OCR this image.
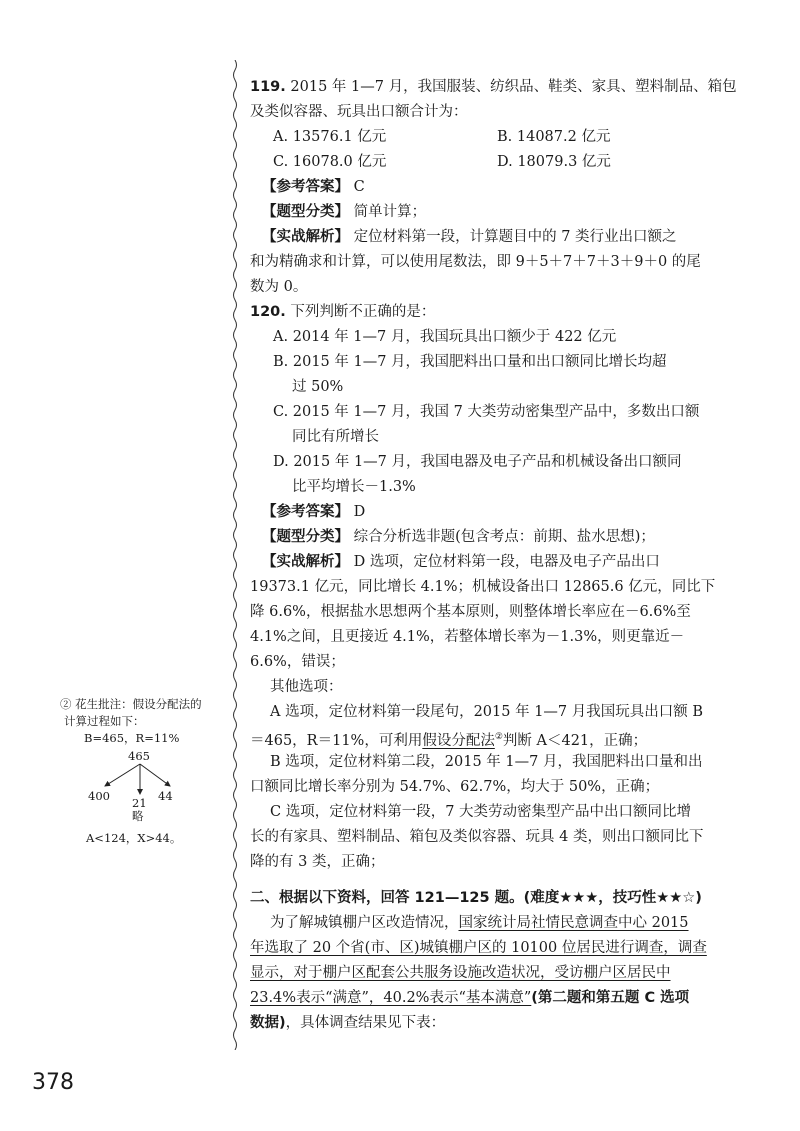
119. 2015 年 1—7 月，我国服装、纺织品、鞋类、家具、塑料制品、箱包
及类似容器、玩具出口额合计为：
A. 13576.1 亿元	B. 14087.2 亿元
C. 16078.0 亿元	D. 18079.3 亿元
【参考答案】 C
【题型分类】 简单计算；
【实战解析】 定位材料第一段，计算题目中的 7 类行业出口额之
和为精确求和计算，可以使用尾数法，即 9＋5＋7＋7＋3＋9＋0 的尾
数为 0。
120. 下列判断不正确的是：
A. 2014 年 1—7 月，我国玩具出口额少于 422 亿元
B. 2015 年 1—7 月，我国肥料出口量和出口额同比增长均超
过 50%
C. 2015 年 1—7 月，我国 7 大类劳动密集型产品中，多数出口额
同比有所增长
D. 2015 年 1—7 月，我国电器及电子产品和机械设备出口额同
比平均增长－1.3%
【参考答案】 D
【题型分类】 综合分析选非题(包含考点：前期、盐水思想)；
【实战解析】 D 选项，定位材料第一段，电器及电子产品出口
19373.1 亿元，同比增长 4.1%；机械设备出口 12865.6 亿元，同比下
降 6.6%，根据盐水思想两个基本原则，则整体增长率应在－6.6%至
4.1%之间，且更接近 4.1%，若整体增长率为－1.3%，则更靠近－
6.6%，错误；
其他选项：
A 选项，定位材料第一段尾句，2015 年 1—7 月我国玩具出口额 B
＝465，R＝11%，可利用假设分配法②判断 A＜421，正确；
B 选项，定位材料第二段，2015 年 1—7 月，我国肥料出口量和出
口额同比增长率分别为 54.7%、62.7%，均大于 50%，正确；
C 选项，定位材料第一段，7 大类劳动密集型产品中出口额同比增
长的有家具、塑料制品、箱包及类似容器、玩具 4 类，则出口额同比下
降的有 3 类，正确；
② 花生批注：假设分配法的
计算过程如下：
B=465，R=11%
465
400 21
略
44
A<124，X>44。
二、根据以下资料，回答 121—125 题。(难度★★★，技巧性★★☆)
为了解城镇棚户区改造情况，国家统计局社情民意调查中心 2015
年选取了 20 个省(市、区)城镇棚户区的 10100 位居民进行调查，调查
显示，对于棚户区配套公共服务设施改造状况，受访棚户区居民中
23.4%表示“满意”，40.2%表示“基本满意”(第二题和第五题 C 选项
数据)，具体调查结果见下表：
378
